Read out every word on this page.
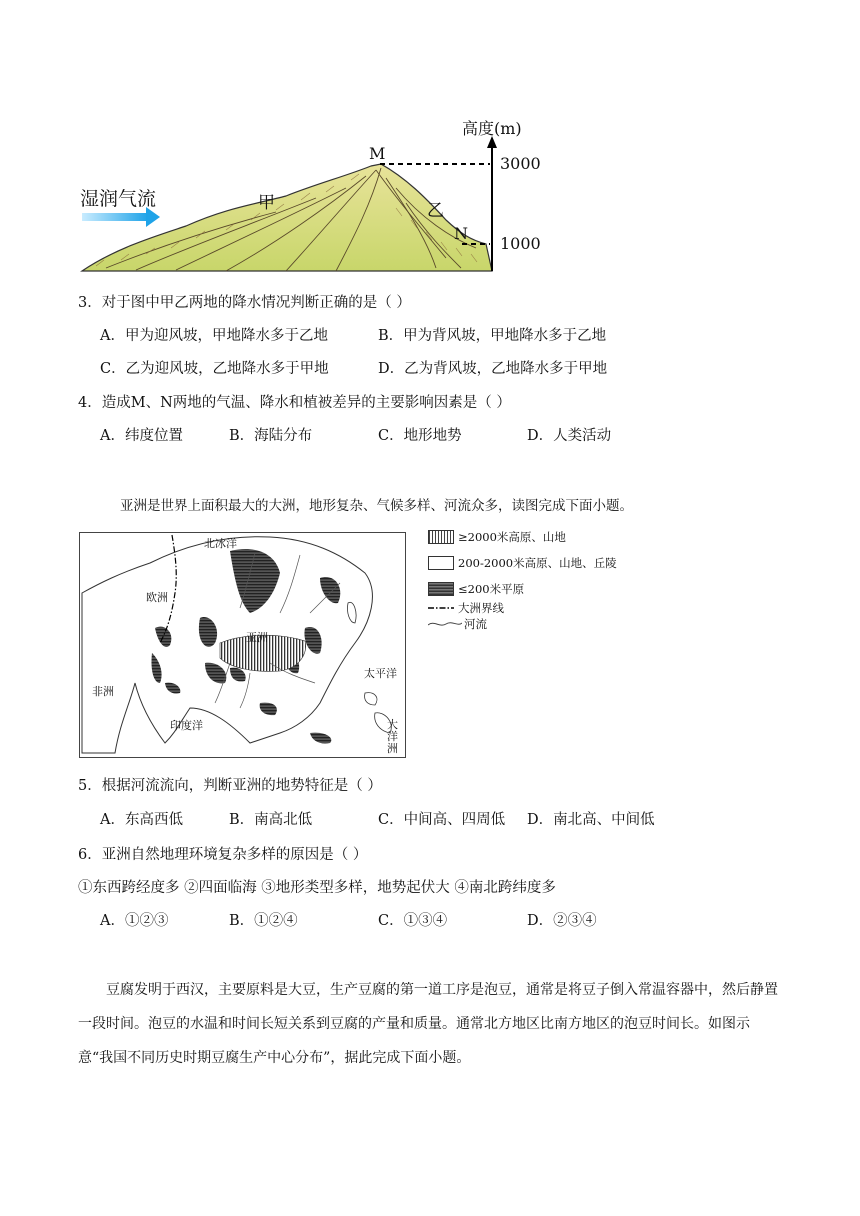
高度(m)
3000
1000
M
N
甲	乙
湿润气流
3．对于图中甲乙两地的降水情况判断正确的是（ ）
A．甲为迎风坡，甲地降水多于乙地	B．甲为背风坡，甲地降水多于乙地
C．乙为迎风坡，乙地降水多于甲地	D．乙为背风坡，乙地降水多于甲地
4．造成M、N两地的气温、降水和植被差异的主要影响因素是（ ）
A．纬度位置	B．海陆分布	C．地形地势	D．人类活动
亚洲是世界上面积最大的大洲，地形复杂、气候多样、河流众多，读图完成下面小题。
北冰洋
欧洲
亚洲
非洲
印度洋
太平洋
大洋洲
≥2000米高原、山地
200-2000米高原、山地、丘陵
≤200米平原
大洲界线
河流
5．根据河流流向，判断亚洲的地势特征是（ ）
A．东高西低	B．南高北低	C．中间高、四周低 D．南北高、中间低
6．亚洲自然地理环境复杂多样的原因是（ ）
①东西跨经度多 ②四面临海 ③地形类型多样，地势起伏大 ④南北跨纬度多
A．①②③	B．①②④	C．①③④	D．②③④
豆腐发明于西汉，主要原料是大豆，生产豆腐的第一道工序是泡豆，通常是将豆子倒入常温容器中，然后静置一段时间。泡豆的水温和时间长短关系到豆腐的产量和质量。通常北方地区比南方地区的泡豆时间长。如图示意“我国不同历史时期豆腐生产中心分布”，据此完成下面小题。
